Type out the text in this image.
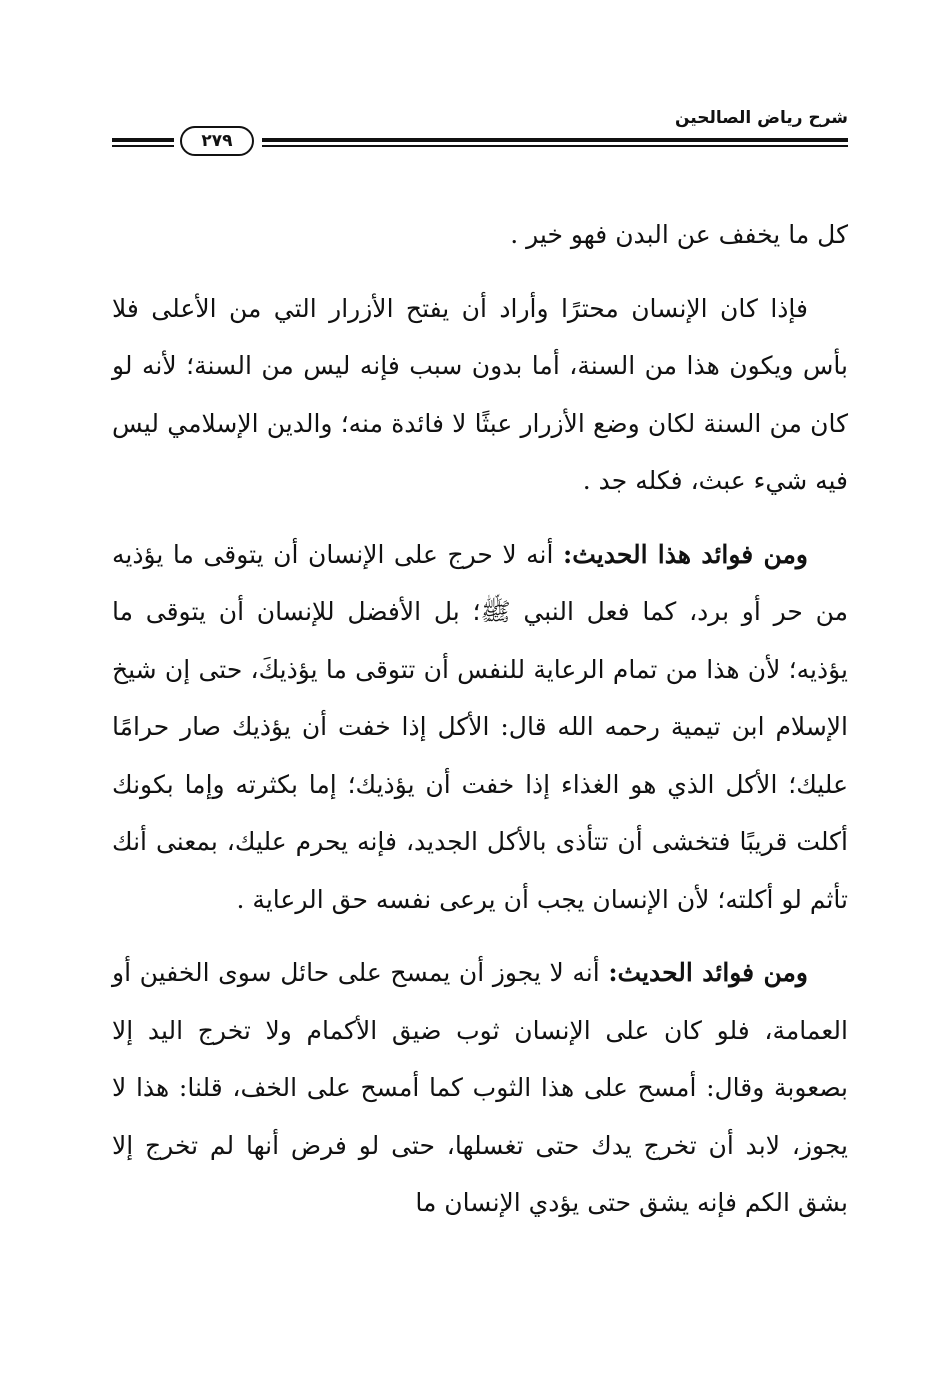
شرح رياض الصالحين
٢٧٩

كل ما يخفف عن البدن فهو خير .

فإذا كان الإنسان محترًا وأراد أن يفتح الأزرار التي من الأعلى فلا بأس ويكون هذا من السنة، أما بدون سبب فإنه ليس من السنة؛ لأنه لو كان من السنة لكان وضع الأزرار عبثًا لا فائدة منه؛ والدين الإسلامي ليس فيه شيء عبث، فكله جد .

ومن فوائد هذا الحديث: أنه لا حرج على الإنسان أن يتوقى ما يؤذيه من حر أو برد، كما فعل النبي ﷺ؛ بل الأفضل للإنسان أن يتوقى ما يؤذيه؛ لأن هذا من تمام الرعاية للنفس أن تتوقى ما يؤذيكَ، حتى إن شيخ الإسلام ابن تيمية رحمه الله قال: الأكل إذا خفت أن يؤذيك صار حرامًا عليك؛ الأكل الذي هو الغذاء إذا خفت أن يؤذيك؛ إما بكثرته وإما بكونك أكلت قريبًا فتخشى أن تتأذى بالأكل الجديد، فإنه يحرم عليك، بمعنى أنك تأثم لو أكلته؛ لأن الإنسان يجب أن يرعى نفسه حق الرعاية .

ومن فوائد الحديث: أنه لا يجوز أن يمسح على حائل سوى الخفين أو العمامة، فلو كان على الإنسان ثوب ضيق الأكمام ولا تخرج اليد إلا بصعوبة وقال: أمسح على هذا الثوب كما أمسح على الخف، قلنا: هذا لا يجوز، لابد أن تخرج يدك حتى تغسلها، حتى لو فرض أنها لم تخرج إلا بشق الكم فإنه يشق حتى يؤدي الإنسان ما
